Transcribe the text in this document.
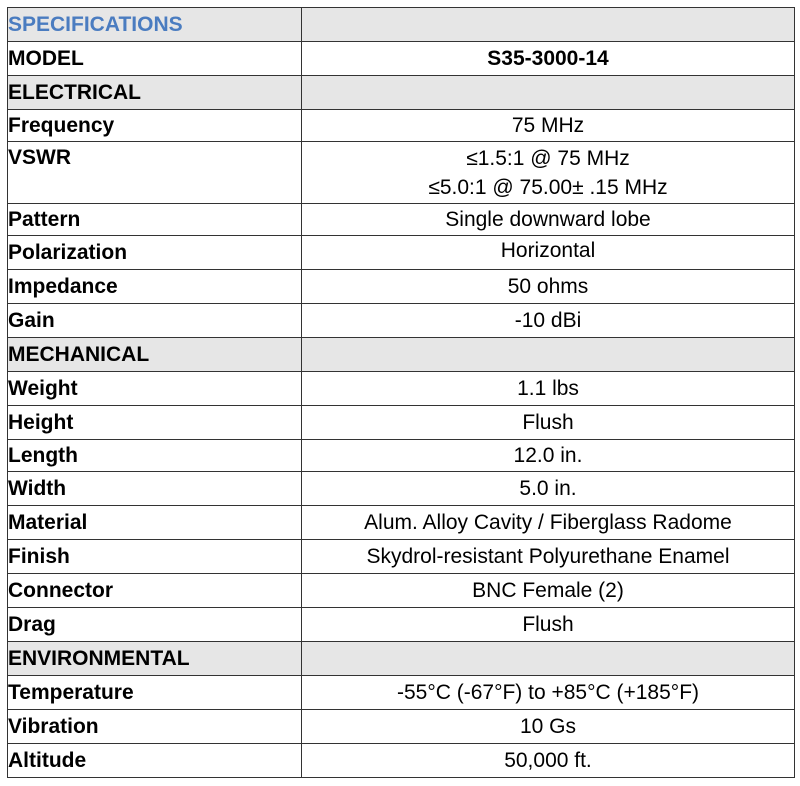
SPECIFICATIONS	
MODEL	S35-3000-14
ELECTRICAL	
Frequency	75 MHz
VSWR	≤1.5:1 @ 75 MHz
≤5.0:1 @ 75.00± .15 MHz

Pattern	Single downward lobe
Polarization	Horizontal
Impedance	50 ohms
Gain	-10 dBi
MECHANICAL	
Weight	1.1 lbs
Height	Flush
Length	12.0 in.
Width	5.0 in.
Material	Alum. Alloy Cavity / Fiberglass Radome
Finish	Skydrol-resistant Polyurethane Enamel
Connector	BNC Female (2)
Drag	Flush
ENVIRONMENTAL	
Temperature	-55°C (-67°F) to +85°C (+185°F)
Vibration	10 Gs
Altitude	50,000 ft.
